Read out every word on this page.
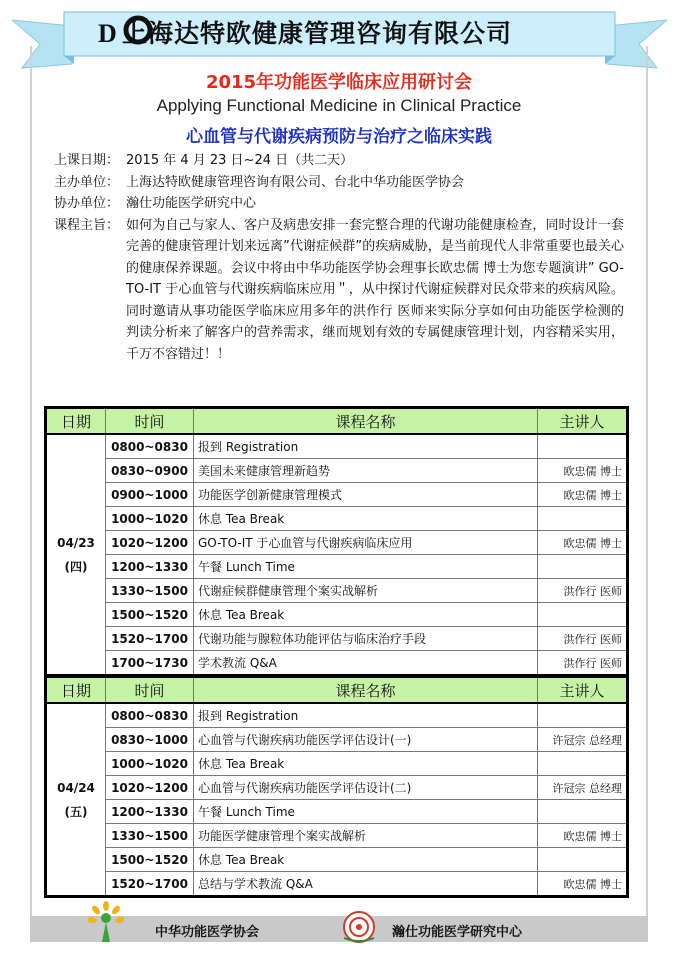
D 上海达特欧健康管理咨询有限公司
2015年功能医学临床应用研讨会
Applying Functional Medicine in Clinical Practice
心血管与代谢疾病预防与治疗之临床实践
上课日期： 2015 年 4 月 23 日~24 日（共二天）
主办单位： 上海达特欧健康管理咨询有限公司、台北中华功能医学协会
协办单位： 瀚仕功能医学研究中心
课程主旨： 如何为自己与家人、客户及病患安排一套完整合理的代谢功能健康检查，同时设计一套完善的健康管理计划来远离”代谢症候群”的疾病威胁，是当前现代人非常重要也最关心的健康保养课题。会议中将由中华功能医学协会理事长欧忠儒 博士为您专题演讲” GO-TO-IT 于心血管与代谢疾病临床应用＂，从中探讨代谢症候群对民众带来的疾病风险。同时邀请从事功能医学临床应用多年的洪作行 医师来实际分享如何由功能医学检测的判读分析来了解客户的营养需求，继而规划有效的专属健康管理计划，内容精采实用，千万不容错过！！
日期	时间	课程名称	主讲人

04/23
(四)	0800~0830	报到 Registration	
	0830~0900	美国未来健康管理新趋势	欧忠儒 博士
	0900~1000	功能医学创新健康管理模式	欧忠儒 博士
	1000~1020	休息 Tea Break	
	1020~1200	GO-TO-IT 于心血管与代谢疾病临床应用	欧忠儒 博士
	1200~1330	午餐 Lunch Time	
	1330~1500	代谢症候群健康管理个案实战解析	洪作行 医师
	1500~1520	休息 Tea Break	
	1520~1700	代谢功能与腺粒体功能评估与临床治疗手段	洪作行 医师
	1700~1730	学术教流 Q&A	洪作行 医师
日期	时间	课程名称	主讲人

04/24
(五)	0800~0830	报到 Registration	
	0830~1000	心血管与代谢疾病功能医学评估设计(一)	许冠宗 总经理
	1000~1020	休息 Tea Break	
	1020~1200	心血管与代谢疾病功能医学评估设计(二)	许冠宗 总经理
	1200~1330	午餐 Lunch Time	
	1330~1500	功能医学健康管理个案实战解析	欧忠儒 博士
	1500~1520	休息 Tea Break	
	1520~1700	总结与学术教流 Q&A	欧忠儒 博士
中华功能医学协会	瀚仕功能医学研究中心
